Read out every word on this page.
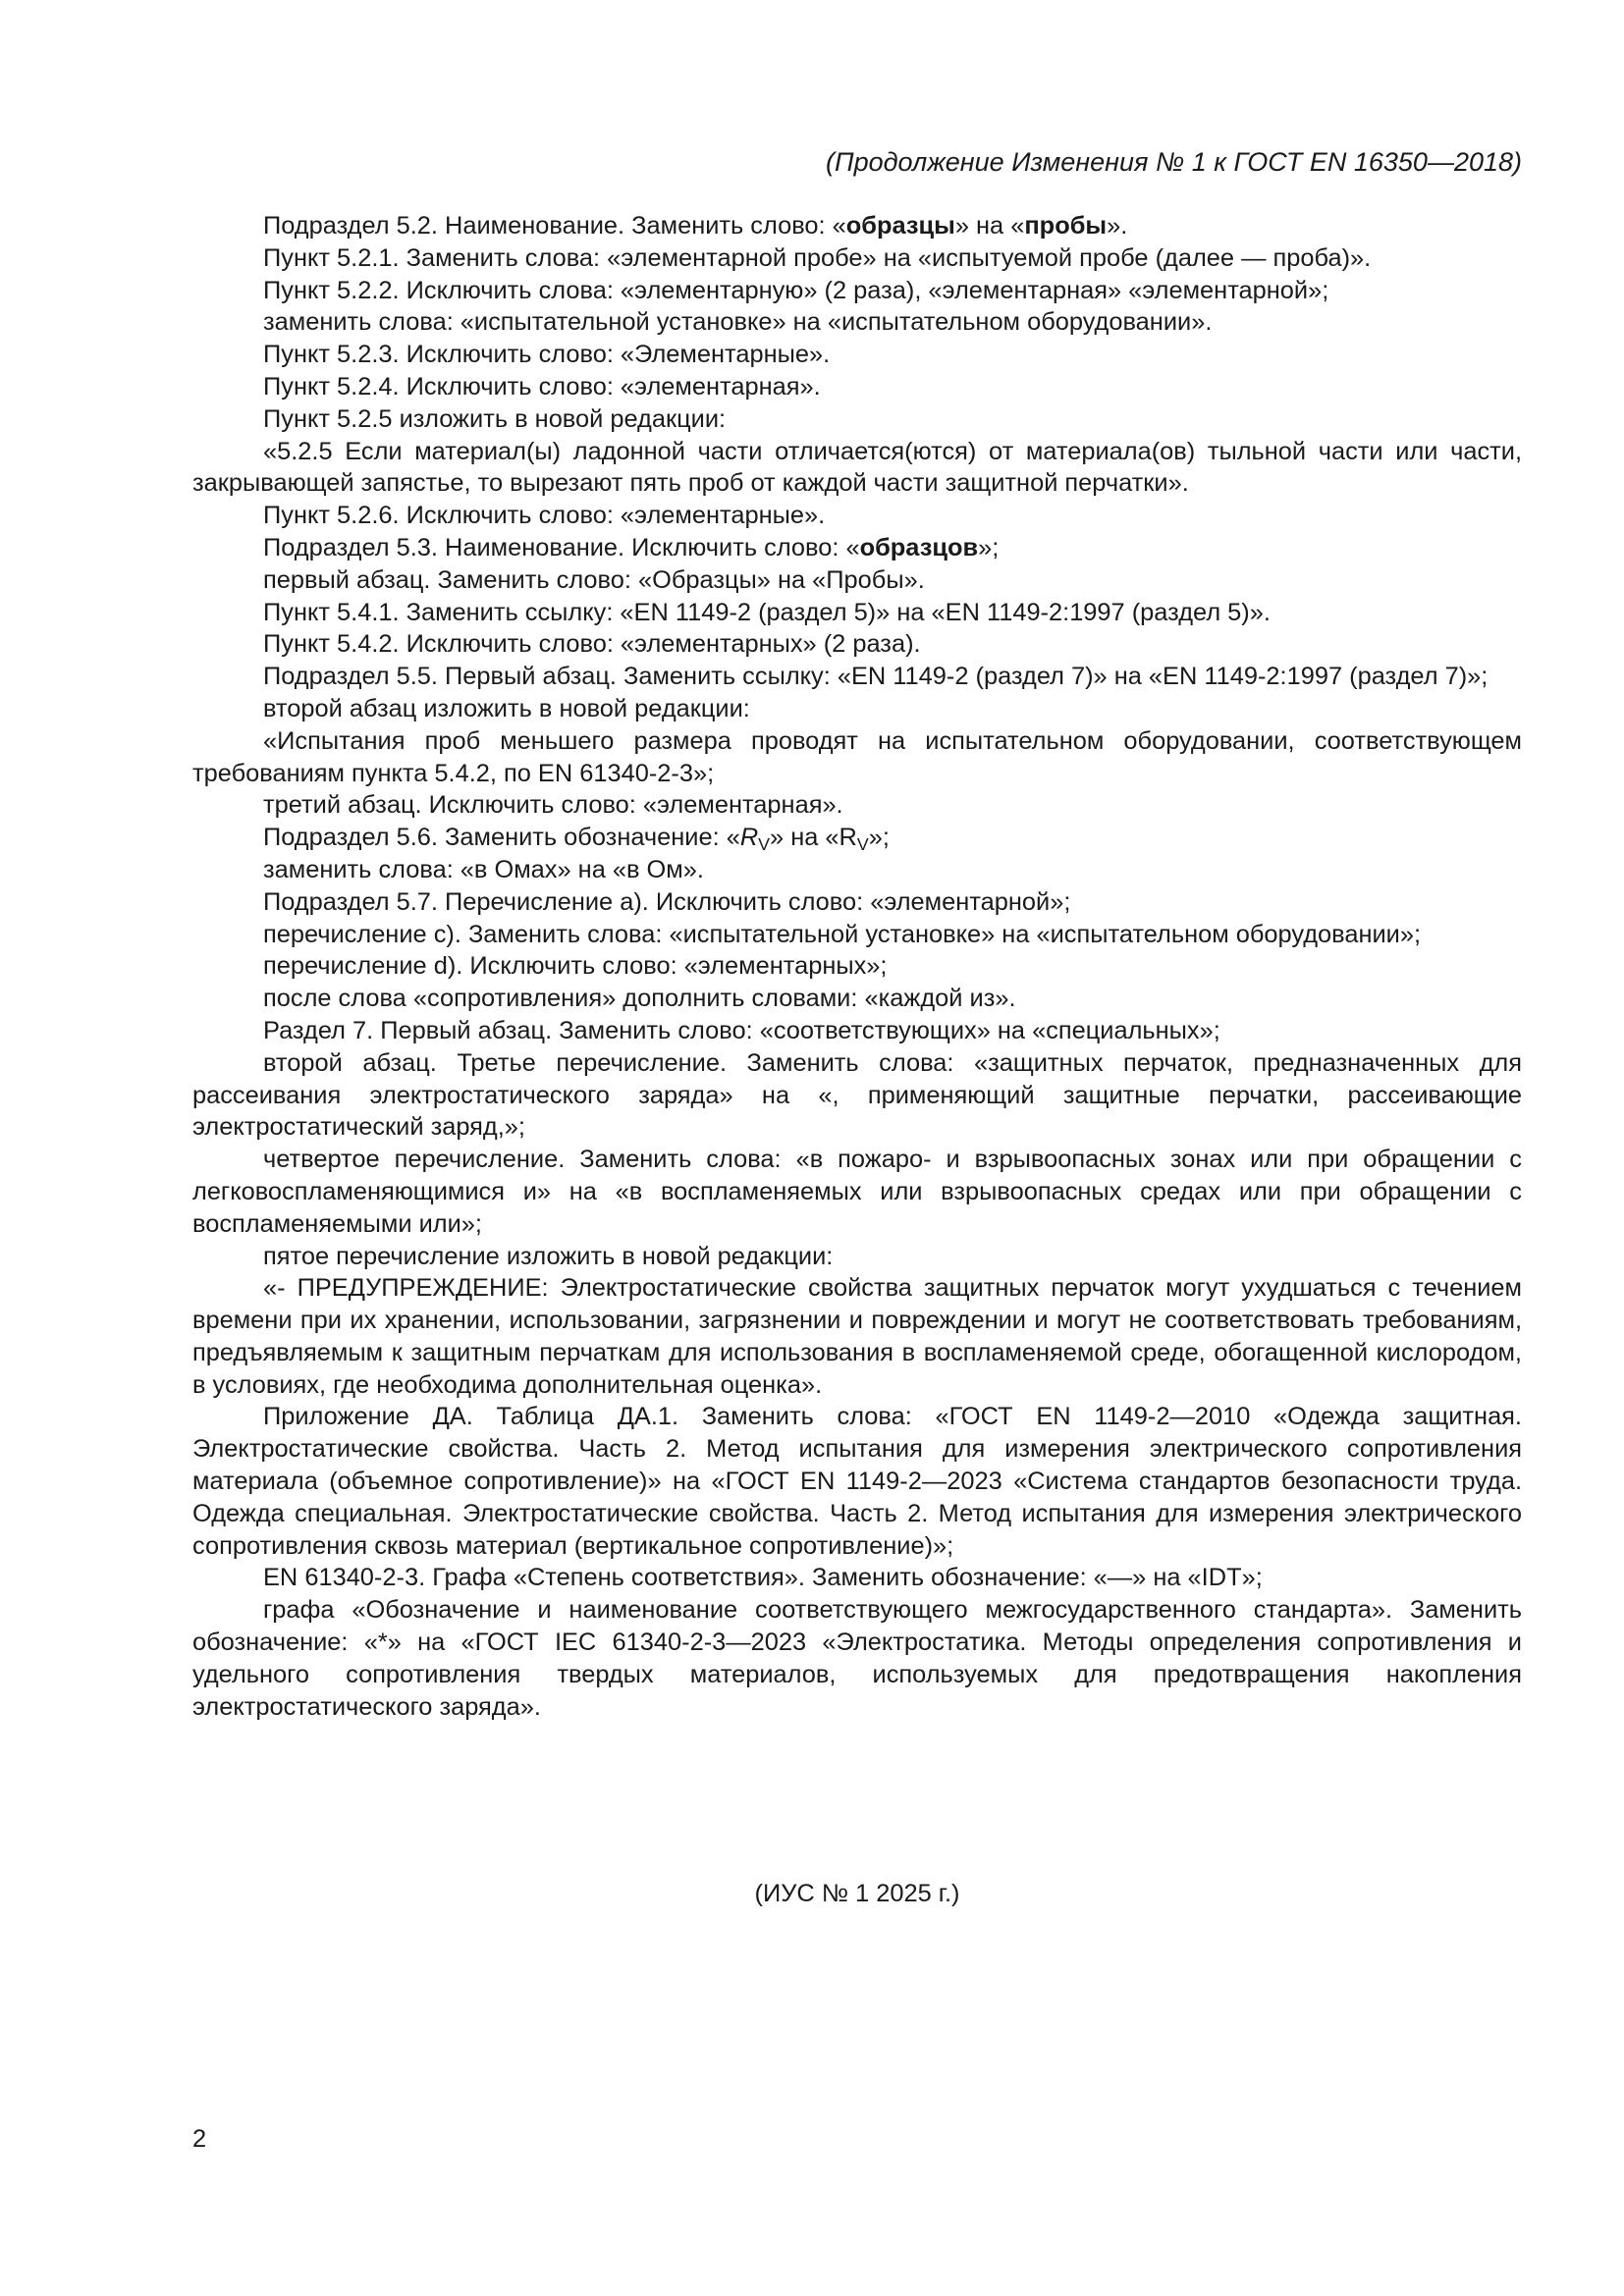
(Продолжение Изменения № 1 к ГОСТ EN 16350—2018)

Подраздел 5.2. Наименование. Заменить слово: «образцы» на «пробы».

Пункт 5.2.1. Заменить слова: «элементарной пробе» на «испытуемой пробе (далее — проба)».

Пункт 5.2.2. Исключить слова: «элементарную» (2 раза), «элементарная» «элементарной»;

заменить слова: «испытательной установке» на «испытательном оборудовании».

Пункт 5.2.3. Исключить слово: «Элементарные».

Пункт 5.2.4. Исключить слово: «элементарная».

Пункт 5.2.5 изложить в новой редакции:

«5.2.5 Если материал(ы) ладонной части отличается(ются) от материала(ов) тыльной части или части, закрывающей запястье, то вырезают пять проб от каждой части защитной перчатки».

Пункт 5.2.6. Исключить слово: «элементарные».

Подраздел 5.3. Наименование. Исключить слово: «образцов»;

первый абзац. Заменить слово: «Образцы» на «Пробы».

Пункт 5.4.1. Заменить ссылку: «EN 1149-2 (раздел 5)» на «EN 1149-2:1997 (раздел 5)».

Пункт 5.4.2. Исключить слово: «элементарных» (2 раза).

Подраздел 5.5. Первый абзац. Заменить ссылку: «EN 1149-2 (раздел 7)» на «EN 1149-2:1997 (раздел 7)»;

второй абзац изложить в новой редакции:

«Испытания проб меньшего размера проводят на испытательном оборудовании, соответствующем требованиям пункта 5.4.2, по EN 61340-2-3»;

третий абзац. Исключить слово: «элементарная».

Подраздел 5.6. Заменить обозначение: «$R_V$» на «$R_V$»;

заменить слова: «в Омах» на «в Ом».

Подраздел 5.7. Перечисление а). Исключить слово: «элементарной»;

перечисление с). Заменить слова: «испытательной установке» на «испытательном оборудовании»;

перечисление d). Исключить слово: «элементарных»;

после слова «сопротивления» дополнить словами: «каждой из».

Раздел 7. Первый абзац. Заменить слово: «соответствующих» на «специальных»;

второй абзац. Третье перечисление. Заменить слова: «защитных перчаток, предназначенных для рассеивания электростатического заряда» на «, применяющий защитные перчатки, рассеивающие электростатический заряд,»;

четвертое перечисление. Заменить слова: «в пожаро- и взрывоопасных зонах или при обращении с легковоспламеняющимися и» на «в воспламеняемых или взрывоопасных средах или при обращении с воспламеняемыми или»;

пятое перечисление изложить в новой редакции:

«- ПРЕДУПРЕЖДЕНИЕ: Электростатические свойства защитных перчаток могут ухудшаться с течением времени при их хранении, использовании, загрязнении и повреждении и могут не соответствовать требованиям, предъявляемым к защитным перчаткам для использования в воспламеняемой среде, обогащенной кислородом, в условиях, где необходима дополнительная оценка».

Приложение ДА. Таблица ДА.1. Заменить слова: «ГОСТ EN 1149-2—2010 «Одежда защитная. Электростатические свойства. Часть 2. Метод испытания для измерения электрического сопротивления материала (объемное сопротивление)» на «ГОСТ EN 1149-2—2023 «Система стандартов безопасности труда. Одежда специальная. Электростатические свойства. Часть 2. Метод испытания для измерения электрического сопротивления сквозь материал (вертикальное сопротивление)»;

EN 61340-2-3. Графа «Степень соответствия». Заменить обозначение: «—» на «IDT»;

графа «Обозначение и наименование соответствующего межгосударственного стандарта». Заменить обозначение: «*» на «ГОСТ IEC 61340-2-3—2023 «Электростатика. Методы определения сопротивления и удельного сопротивления твердых материалов, используемых для предотвращения накопления электростатического заряда».

(ИУС № 1 2025 г.)
2
